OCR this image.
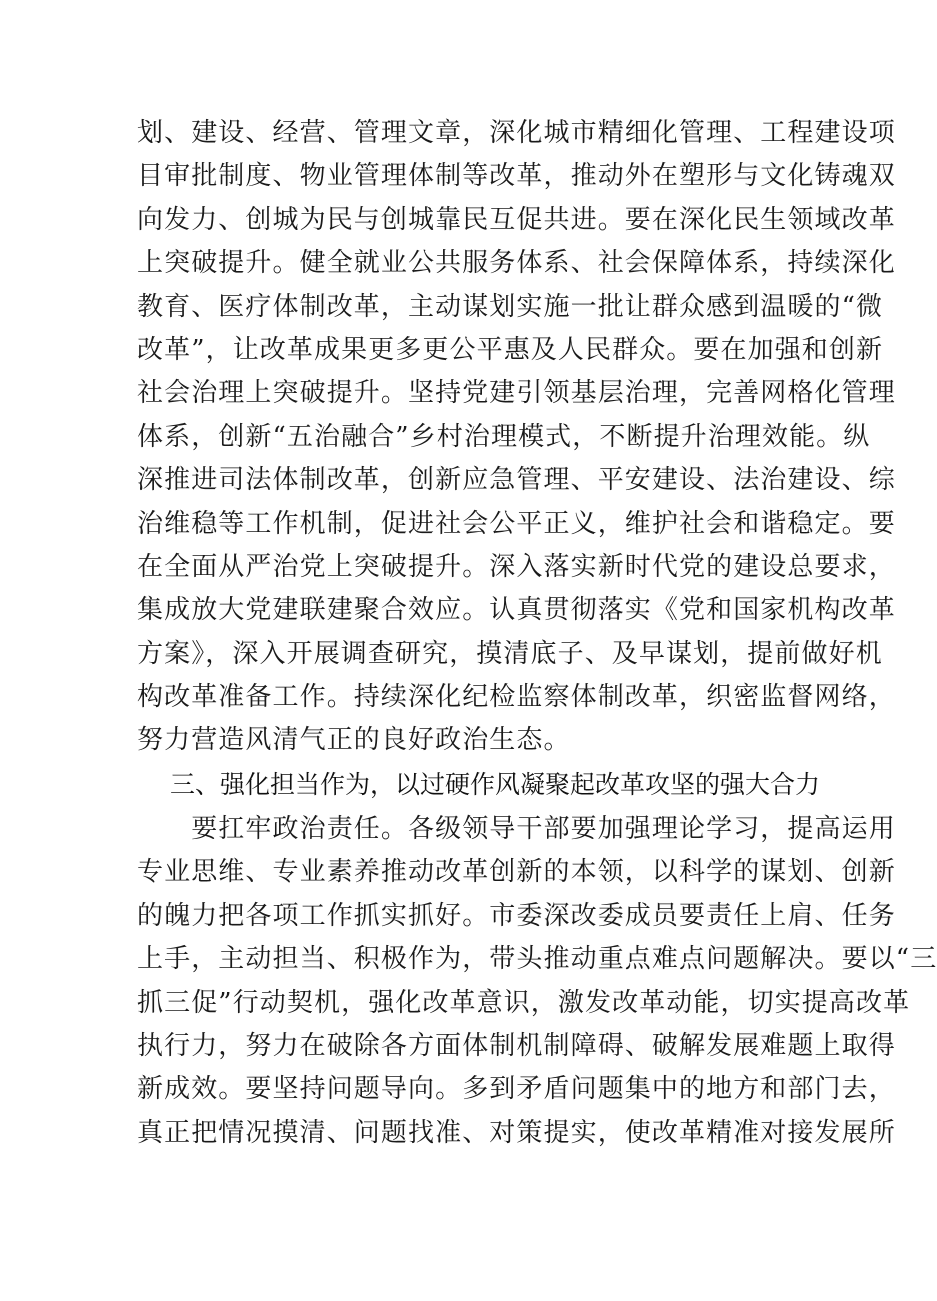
划、建设、经营、管理文章，深化城市精细化管理、工程建设项
目审批制度、物业管理体制等改革，推动外在塑形与文化铸魂双
向发力、创城为民与创城靠民互促共进。要在深化民生领域改革
上突破提升。健全就业公共服务体系、社会保障体系，持续深化
教育、医疗体制改革，主动谋划实施一批让群众感到温暖的“微
改革”，让改革成果更多更公平惠及人民群众。要在加强和创新
社会治理上突破提升。坚持党建引领基层治理，完善网格化管理
体系，创新“五治融合”乡村治理模式，不断提升治理效能。纵
深推进司法体制改革，创新应急管理、平安建设、法治建设、综
治维稳等工作机制，促进社会公平正义，维护社会和谐稳定。要
在全面从严治党上突破提升。深入落实新时代党的建设总要求，
集成放大党建联建聚合效应。认真贯彻落实《党和国家机构改革
方案》，深入开展调查研究，摸清底子、及早谋划，提前做好机
构改革准备工作。持续深化纪检监察体制改革，织密监督网络，
努力营造风清气正的良好政治生态。
三、强化担当作为，以过硬作风凝聚起改革攻坚的强大合力
　　要扛牢政治责任。各级领导干部要加强理论学习，提高运用
专业思维、专业素养推动改革创新的本领，以科学的谋划、创新
的魄力把各项工作抓实抓好。市委深改委成员要责任上肩、任务
上手，主动担当、积极作为，带头推动重点难点问题解决。要以“三
抓三促”行动契机，强化改革意识，激发改革动能，切实提高改革
执行力，努力在破除各方面体制机制障碍、破解发展难题上取得
新成效。要坚持问题导向。多到矛盾问题集中的地方和部门去，
真正把情况摸清、问题找准、对策提实，使改革精准对接发展所
